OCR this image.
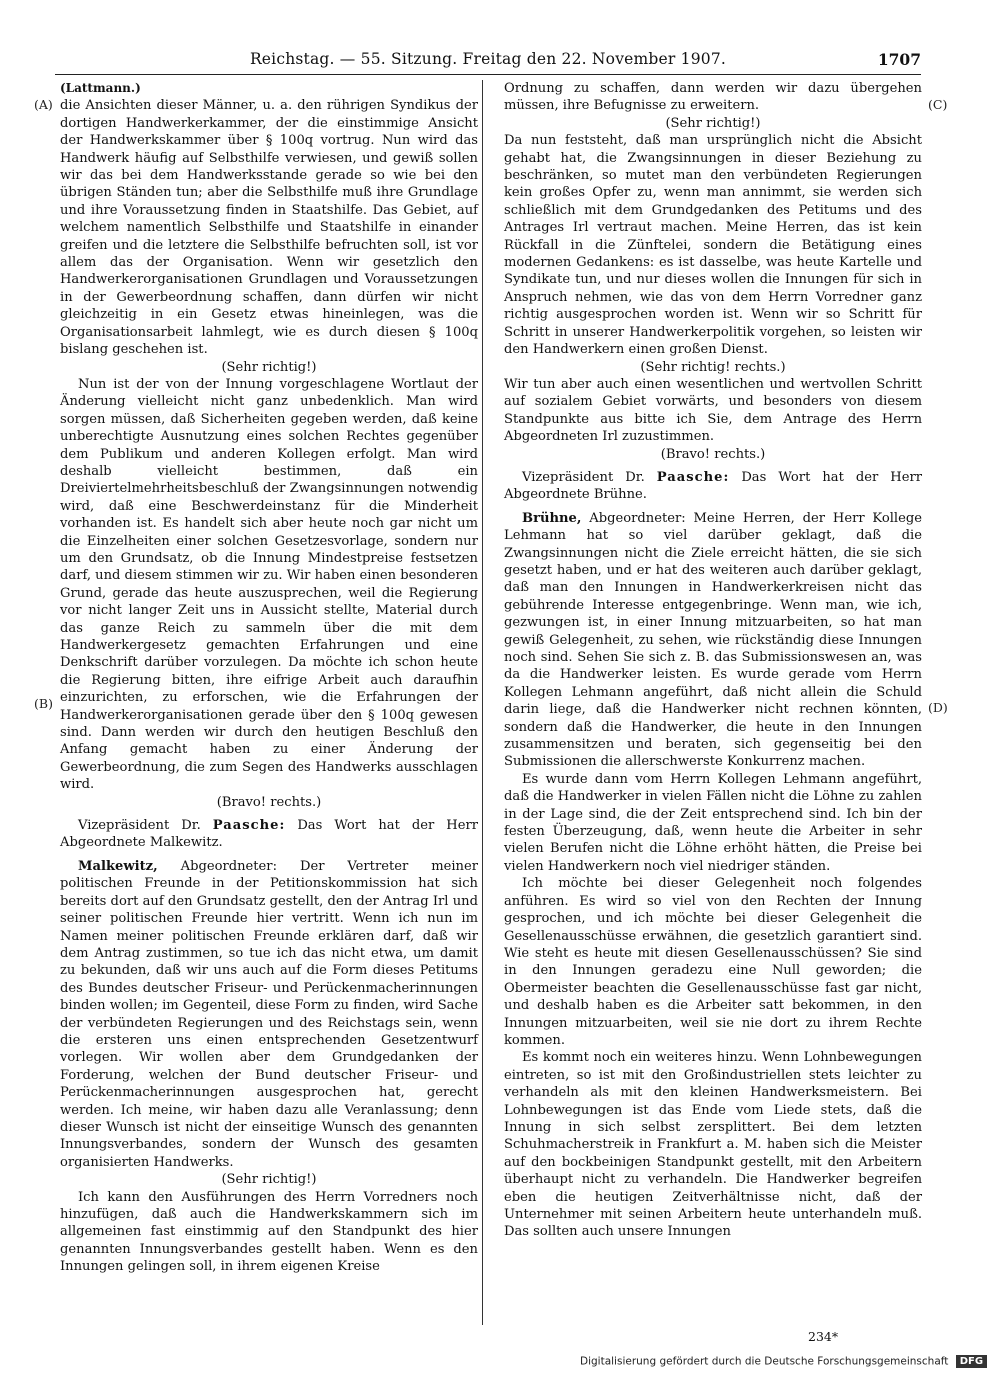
Reichstag. — 55. Sitzung. Freitag den 22. November 1907.	1707
(A)
(B)
(C)
(D)

(Lattmann.)

die Ansichten dieser Männer, u. a. den rührigen Syndikus der dortigen Handwerkerkammer, der die einstimmige Ansicht der Handwerkskammer über § 100q vortrug. Nun wird das Handwerk häufig auf Selbsthilfe verwiesen, und gewiß sollen wir das bei dem Handwerksstande gerade so wie bei den übrigen Ständen tun; aber die Selbsthilfe muß ihre Grundlage und ihre Voraussetzung finden in Staatshilfe. Das Gebiet, auf welchem namentlich Selbsthilfe und Staatshilfe in einander greifen und die letztere die Selbsthilfe befruchten soll, ist vor allem das der Organisation. Wenn wir gesetzlich den Handwerkerorganisationen Grundlagen und Voraussetzungen in der Gewerbeordnung schaffen, dann dürfen wir nicht gleichzeitig in ein Gesetz etwas hineinlegen, was die Organisationsarbeit lahmlegt, wie es durch diesen § 100q bislang geschehen ist.

(Sehr richtig!)

Nun ist der von der Innung vorgeschlagene Wortlaut der Änderung vielleicht nicht ganz unbedenklich. Man wird sorgen müssen, daß Sicherheiten gegeben werden, daß keine unberechtigte Ausnutzung eines solchen Rechtes gegenüber dem Publikum und anderen Kollegen erfolgt. Man wird deshalb vielleicht bestimmen, daß ein Dreiviertelmehrheitsbeschluß der Zwangsinnungen notwendig wird, daß eine Beschwerdeinstanz für die Minderheit vorhanden ist. Es handelt sich aber heute noch gar nicht um die Einzelheiten einer solchen Gesetzesvorlage, sondern nur um den Grundsatz, ob die Innung Mindestpreise festsetzen darf, und diesem stimmen wir zu. Wir haben einen besonderen Grund, gerade das heute auszusprechen, weil die Regierung vor nicht langer Zeit uns in Aussicht stellte, Material durch das ganze Reich zu sammeln über die mit dem Handwerkergesetz gemachten Erfahrungen und eine Denkschrift darüber vorzulegen. Da möchte ich schon heute die Regierung bitten, ihre eifrige Arbeit auch daraufhin einzurichten, zu erforschen, wie die Erfahrungen der Handwerkerorganisationen gerade über den § 100q gewesen sind. Dann werden wir durch den heutigen Beschluß den Anfang gemacht haben zu einer Änderung der Gewerbeordnung, die zum Segen des Handwerks ausschlagen wird.

(Bravo! rechts.)

Vizepräsident Dr. Paasche: Das Wort hat der Herr Abgeordnete Malkewitz.

Malkewitz, Abgeordneter: Der Vertreter meiner politischen Freunde in der Petitionskommission hat sich bereits dort auf den Grundsatz gestellt, den der Antrag Irl und seiner politischen Freunde hier vertritt. Wenn ich nun im Namen meiner politischen Freunde erklären darf, daß wir dem Antrag zustimmen, so tue ich das nicht etwa, um damit zu bekunden, daß wir uns auch auf die Form dieses Petitums des Bundes deutscher Friseur- und Perückenmacherinnungen binden wollen; im Gegenteil, diese Form zu finden, wird Sache der verbündeten Regierungen und des Reichstags sein, wenn die ersteren uns einen entsprechenden Gesetzentwurf vorlegen. Wir wollen aber dem Grundgedanken der Forderung, welchen der Bund deutscher Friseur- und Perückenmacherinnungen ausgesprochen hat, gerecht werden. Ich meine, wir haben dazu alle Veranlassung; denn dieser Wunsch ist nicht der einseitige Wunsch des genannten Innungsverbandes, sondern der Wunsch des gesamten organisierten Handwerks.

(Sehr richtig!)

Ich kann den Ausführungen des Herrn Vorredners noch hinzufügen, daß auch die Handwerkskammern sich im allgemeinen fast einstimmig auf den Standpunkt des hier genannten Innungsverbandes gestellt haben. Wenn es den Innungen gelingen soll, in ihrem eigenen Kreise

Ordnung zu schaffen, dann werden wir dazu übergehen müssen, ihre Befugnisse zu erweitern.

(Sehr richtig!)

Da nun feststeht, daß man ursprünglich nicht die Absicht gehabt hat, die Zwangsinnungen in dieser Beziehung zu beschränken, so mutet man den verbündeten Regierungen kein großes Opfer zu, wenn man annimmt, sie werden sich schließlich mit dem Grundgedanken des Petitums und des Antrages Irl vertraut machen. Meine Herren, das ist kein Rückfall in die Zünftelei, sondern die Betätigung eines modernen Gedankens: es ist dasselbe, was heute Kartelle und Syndikate tun, und nur dieses wollen die Innungen für sich in Anspruch nehmen, wie das von dem Herrn Vorredner ganz richtig ausgesprochen worden ist. Wenn wir so Schritt für Schritt in unserer Handwerkerpolitik vorgehen, so leisten wir den Handwerkern einen großen Dienst.

(Sehr richtig! rechts.)

Wir tun aber auch einen wesentlichen und wertvollen Schritt auf sozialem Gebiet vorwärts, und besonders von diesem Standpunkte aus bitte ich Sie, dem Antrage des Herrn Abgeordneten Irl zuzustimmen.

(Bravo! rechts.)

Vizepräsident Dr. Paasche: Das Wort hat der Herr Abgeordnete Brühne.

Brühne, Abgeordneter: Meine Herren, der Herr Kollege Lehmann hat so viel darüber geklagt, daß die Zwangsinnungen nicht die Ziele erreicht hätten, die sie sich gesetzt haben, und er hat des weiteren auch darüber geklagt, daß man den Innungen in Handwerkerkreisen nicht das gebührende Interesse entgegenbringe. Wenn man, wie ich, gezwungen ist, in einer Innung mitzuarbeiten, so hat man gewiß Gelegenheit, zu sehen, wie rückständig diese Innungen noch sind. Sehen Sie sich z. B. das Submissionswesen an, was da die Handwerker leisten. Es wurde gerade vom Herrn Kollegen Lehmann angeführt, daß nicht allein die Schuld darin liege, daß die Handwerker nicht rechnen könnten, sondern daß die Handwerker, die heute in den Innungen zusammensitzen und beraten, sich gegenseitig bei den Submissionen die allerschwerste Konkurrenz machen.

Es wurde dann vom Herrn Kollegen Lehmann angeführt, daß die Handwerker in vielen Fällen nicht die Löhne zu zahlen in der Lage sind, die der Zeit entsprechend sind. Ich bin der festen Überzeugung, daß, wenn heute die Arbeiter in sehr vielen Berufen nicht die Löhne erhöht hätten, die Preise bei vielen Handwerkern noch viel niedriger ständen.

Ich möchte bei dieser Gelegenheit noch folgendes anführen. Es wird so viel von den Rechten der Innung gesprochen, und ich möchte bei dieser Gelegenheit die Gesellenausschüsse erwähnen, die gesetzlich garantiert sind. Wie steht es heute mit diesen Gesellenausschüssen? Sie sind in den Innungen geradezu eine Null geworden; die Obermeister beachten die Gesellenausschüsse fast gar nicht, und deshalb haben es die Arbeiter satt bekommen, in den Innungen mitzuarbeiten, weil sie nie dort zu ihrem Rechte kommen.

Es kommt noch ein weiteres hinzu. Wenn Lohnbewegungen eintreten, so ist mit den Großindustriellen stets leichter zu verhandeln als mit den kleinen Handwerksmeistern. Bei Lohnbewegungen ist das Ende vom Liede stets, daß die Innung in sich selbst zersplittert. Bei dem letzten Schuhmacherstreik in Frankfurt a. M. haben sich die Meister auf den bockbeinigen Standpunkt gestellt, mit den Arbeitern überhaupt nicht zu verhandeln. Die Handwerker begreifen eben die heutigen Zeitverhältnisse nicht, daß der Unternehmer mit seinen Arbeitern heute unterhandeln muß. Das sollten auch unsere Innungen

234*
Digitalisierung gefördert durch die Deutsche Forschungsgemeinschaft DFG
